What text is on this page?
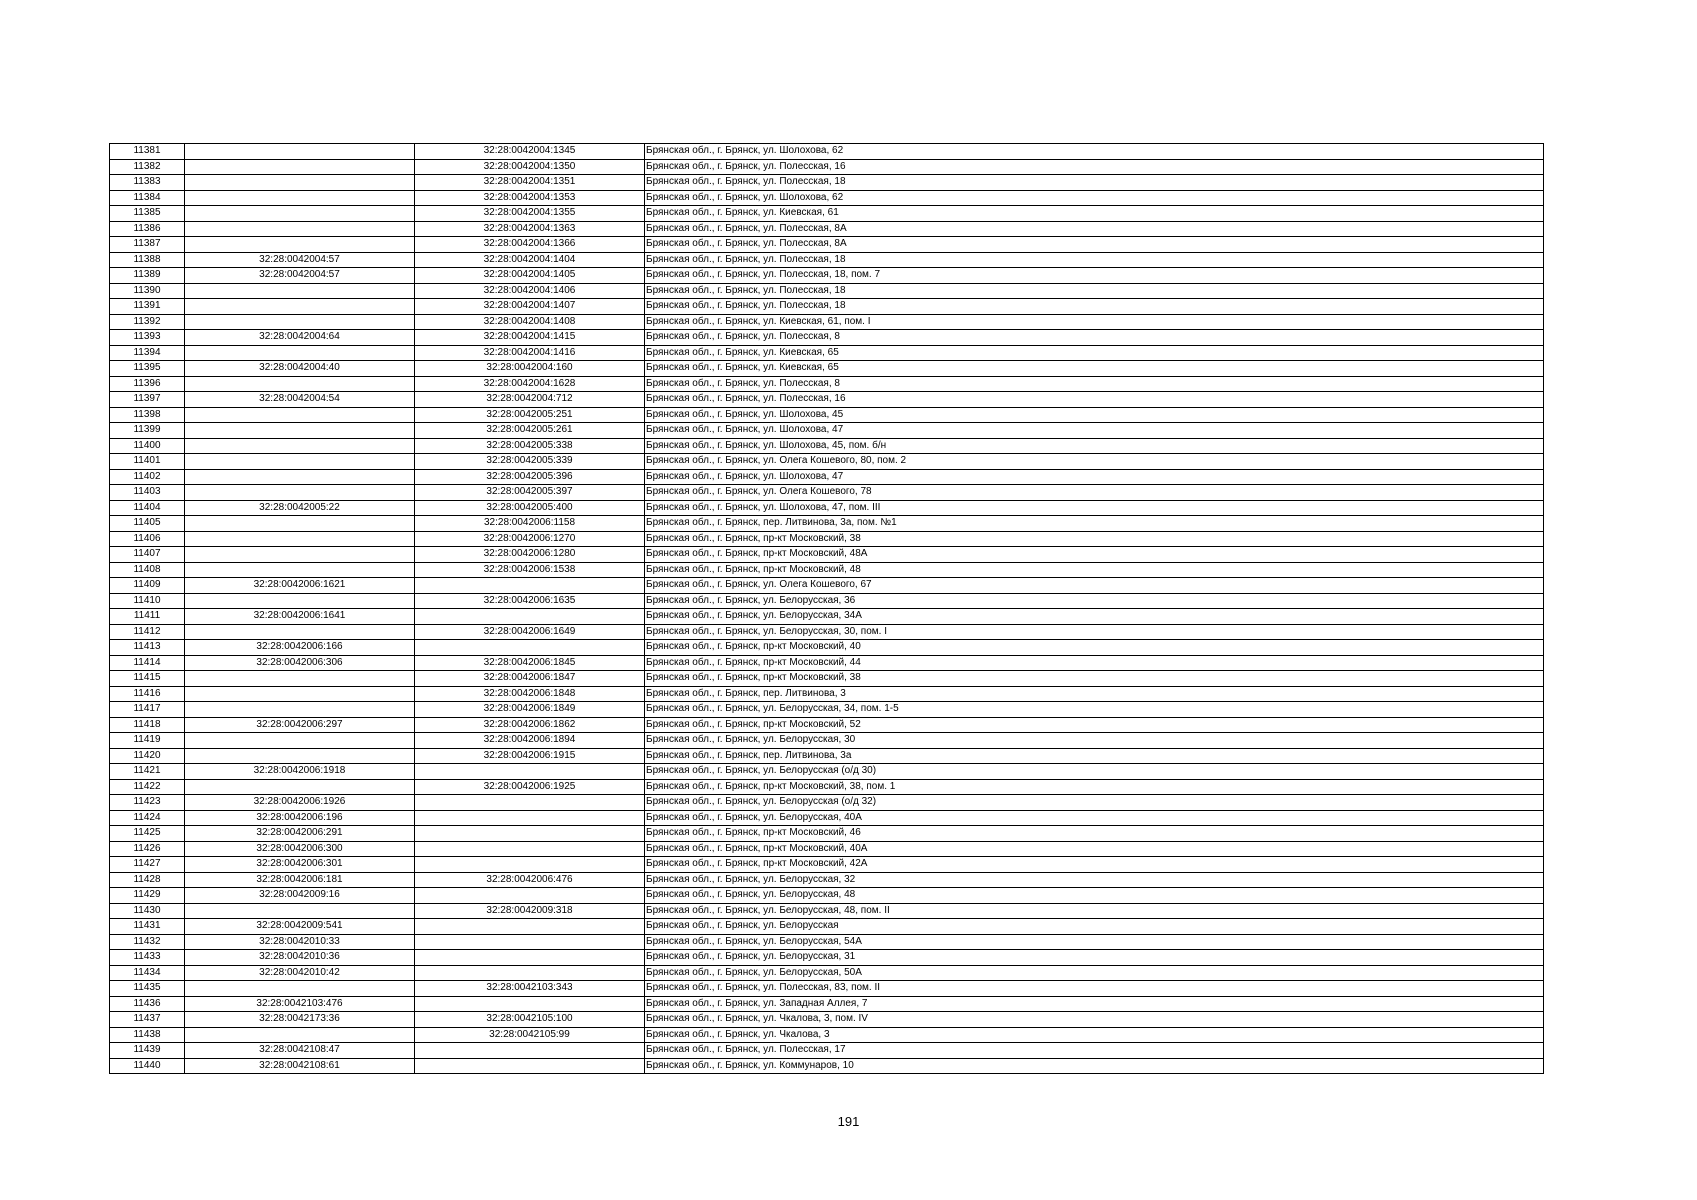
11381		32:28:0042004:1345	Брянская обл., г. Брянск, ул. Шолохова, 62
11382		32:28:0042004:1350	Брянская обл., г. Брянск, ул. Полесская, 16
11383		32:28:0042004:1351	Брянская обл., г. Брянск, ул. Полесская, 18
11384		32:28:0042004:1353	Брянская обл., г. Брянск, ул. Шолохова, 62
11385		32:28:0042004:1355	Брянская обл., г. Брянск, ул. Киевская, 61
11386		32:28:0042004:1363	Брянская обл., г. Брянск, ул. Полесская, 8А
11387		32:28:0042004:1366	Брянская обл., г. Брянск, ул. Полесская, 8А
11388	32:28:0042004:57	32:28:0042004:1404	Брянская обл., г. Брянск, ул. Полесская, 18
11389	32:28:0042004:57	32:28:0042004:1405	Брянская обл., г. Брянск, ул. Полесская, 18, пом. 7
11390		32:28:0042004:1406	Брянская обл., г. Брянск, ул. Полесская, 18
11391		32:28:0042004:1407	Брянская обл., г. Брянск, ул. Полесская, 18
11392		32:28:0042004:1408	Брянская обл., г. Брянск, ул. Киевская, 61, пом. I
11393	32:28:0042004:64	32:28:0042004:1415	Брянская обл., г. Брянск, ул. Полесская, 8
11394		32:28:0042004:1416	Брянская обл., г. Брянск, ул. Киевская, 65
11395	32:28:0042004:40	32:28:0042004:160	Брянская обл., г. Брянск, ул. Киевская, 65
11396		32:28:0042004:1628	Брянская обл., г. Брянск, ул. Полесская, 8
11397	32:28:0042004:54	32:28:0042004:712	Брянская обл., г. Брянск, ул. Полесская, 16
11398		32:28:0042005:251	Брянская обл., г. Брянск, ул. Шолохова, 45
11399		32:28:0042005:261	Брянская обл., г. Брянск, ул. Шолохова, 47
11400		32:28:0042005:338	Брянская обл., г. Брянск, ул. Шолохова, 45, пом. б/н
11401		32:28:0042005:339	Брянская обл., г. Брянск, ул. Олега Кошевого, 80, пом. 2
11402		32:28:0042005:396	Брянская обл., г. Брянск, ул. Шолохова, 47
11403		32:28:0042005:397	Брянская обл., г. Брянск, ул. Олега Кошевого, 78
11404	32:28:0042005:22	32:28:0042005:400	Брянская обл., г. Брянск, ул. Шолохова, 47, пом. III
11405		32:28:0042006:1158	Брянская обл., г. Брянск, пер. Литвинова, 3а, пом. №1
11406		32:28:0042006:1270	Брянская обл., г. Брянск, пр-кт Московский, 38
11407		32:28:0042006:1280	Брянская обл., г. Брянск, пр-кт Московский, 48А
11408		32:28:0042006:1538	Брянская обл., г. Брянск, пр-кт Московский, 48
11409	32:28:0042006:1621		Брянская обл., г. Брянск, ул. Олега Кошевого, 67
11410		32:28:0042006:1635	Брянская обл., г. Брянск, ул. Белорусская, 36
11411	32:28:0042006:1641		Брянская обл., г. Брянск, ул. Белорусская, 34А
11412		32:28:0042006:1649	Брянская обл., г. Брянск, ул. Белорусская, 30, пом. I
11413	32:28:0042006:166		Брянская обл., г. Брянск, пр-кт Московский, 40
11414	32:28:0042006:306	32:28:0042006:1845	Брянская обл., г. Брянск, пр-кт Московский, 44
11415		32:28:0042006:1847	Брянская обл., г. Брянск, пр-кт Московский, 38
11416		32:28:0042006:1848	Брянская обл., г. Брянск, пер. Литвинова, 3
11417		32:28:0042006:1849	Брянская обл., г. Брянск, ул. Белорусская, 34, пом. 1-5
11418	32:28:0042006:297	32:28:0042006:1862	Брянская обл., г. Брянск, пр-кт Московский, 52
11419		32:28:0042006:1894	Брянская обл., г. Брянск, ул. Белорусская, 30
11420		32:28:0042006:1915	Брянская обл., г. Брянск, пер. Литвинова, 3а
11421	32:28:0042006:1918		Брянская обл., г. Брянск, ул. Белорусская (о/д 30)
11422		32:28:0042006:1925	Брянская обл., г. Брянск, пр-кт Московский, 38, пом. 1
11423	32:28:0042006:1926		Брянская обл., г. Брянск, ул. Белорусская (о/д 32)
11424	32:28:0042006:196		Брянская обл., г. Брянск, ул. Белорусская, 40А
11425	32:28:0042006:291		Брянская обл., г. Брянск, пр-кт Московский, 46
11426	32:28:0042006:300		Брянская обл., г. Брянск, пр-кт Московский, 40А
11427	32:28:0042006:301		Брянская обл., г. Брянск, пр-кт Московский, 42А
11428	32:28:0042006:181	32:28:0042006:476	Брянская обл., г. Брянск, ул. Белорусская, 32
11429	32:28:0042009:16		Брянская обл., г. Брянск, ул. Белорусская, 48
11430		32:28:0042009:318	Брянская обл., г. Брянск, ул. Белорусская, 48, пом. II
11431	32:28:0042009:541		Брянская обл., г. Брянск, ул. Белорусская
11432	32:28:0042010:33		Брянская обл., г. Брянск, ул. Белорусская, 54А
11433	32:28:0042010:36		Брянская обл., г. Брянск, ул. Белорусская, 31
11434	32:28:0042010:42		Брянская обл., г. Брянск, ул. Белорусская, 50А
11435		32:28:0042103:343	Брянская обл., г. Брянск, ул. Полесская, 83, пом. II
11436	32:28:0042103:476		Брянская обл., г. Брянск, ул. Западная Аллея, 7
11437	32:28:0042173:36	32:28:0042105:100	Брянская обл., г. Брянск, ул. Чкалова, 3, пом. IV
11438		32:28:0042105:99	Брянская обл., г. Брянск, ул. Чкалова, 3
11439	32:28:0042108:47		Брянская обл., г. Брянск, ул. Полесская, 17
11440	32:28:0042108:61		Брянская обл., г. Брянск, ул. Коммунаров, 10
191
